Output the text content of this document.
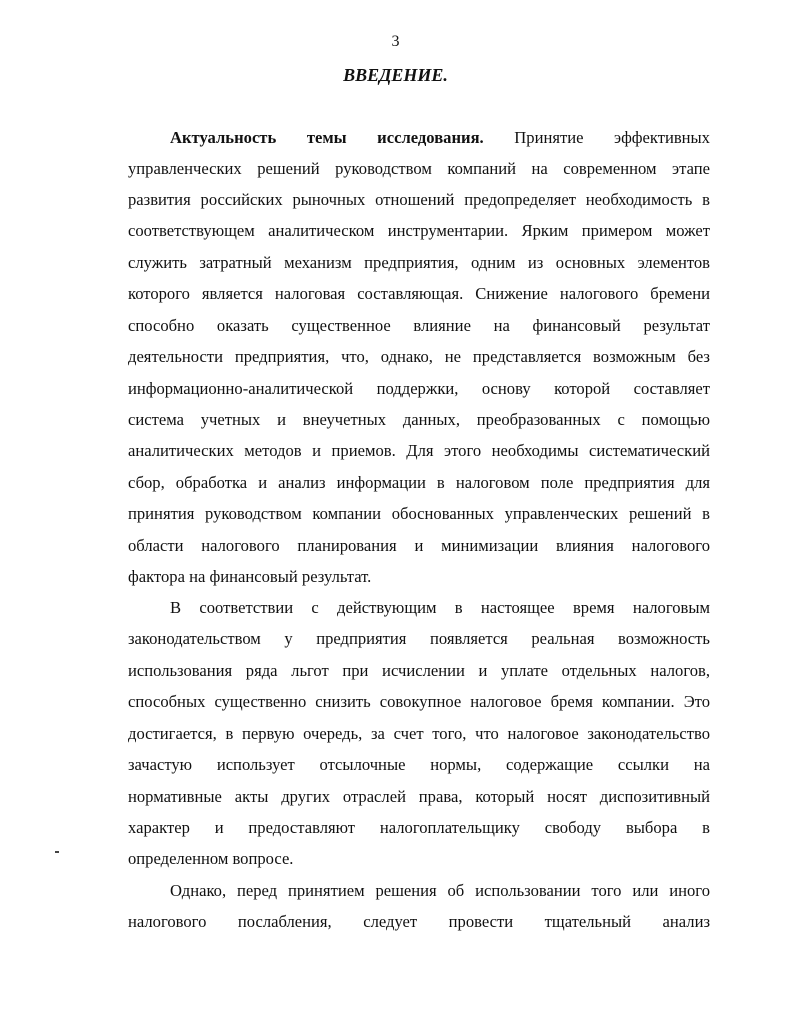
3
ВВЕДЕНИЕ.
Актуальность темы исследования. Принятие эффективных
управленческих решений руководством компаний на современном этапе
развития российских рыночных отношений предопределяет необходимость в
соответствующем аналитическом инструментарии. Ярким примером может
служить затратный механизм предприятия, одним из основных элементов
которого является налоговая составляющая. Снижение налогового бремени
способно оказать существенное влияние на финансовый результат
деятельности предприятия, что, однако, не представляется возможным без
информационно-аналитической поддержки, основу которой составляет
система учетных и внеучетных данных, преобразованных с помощью
аналитических методов и приемов. Для этого необходимы систематический
сбор, обработка и анализ информации в налоговом поле предприятия для
принятия руководством компании обоснованных управленческих решений в
области налогового планирования и минимизации влияния налогового
фактора на финансовый результат.
В соответствии с действующим в настоящее время налоговым
законодательством у предприятия появляется реальная возможность
использования ряда льгот при исчислении и уплате отдельных налогов,
способных существенно снизить совокупное налоговое бремя компании. Это
достигается, в первую очередь, за счет того, что налоговое законодательство
зачастую использует отсылочные нормы, содержащие ссылки на
нормативные акты других отраслей права, который носят диспозитивный
характер и предоставляют налогоплательщику свободу выбора в
определенном вопросе.
Однако, перед принятием решения об использовании того или иного
налогового послабления, следует провести тщательный анализ
